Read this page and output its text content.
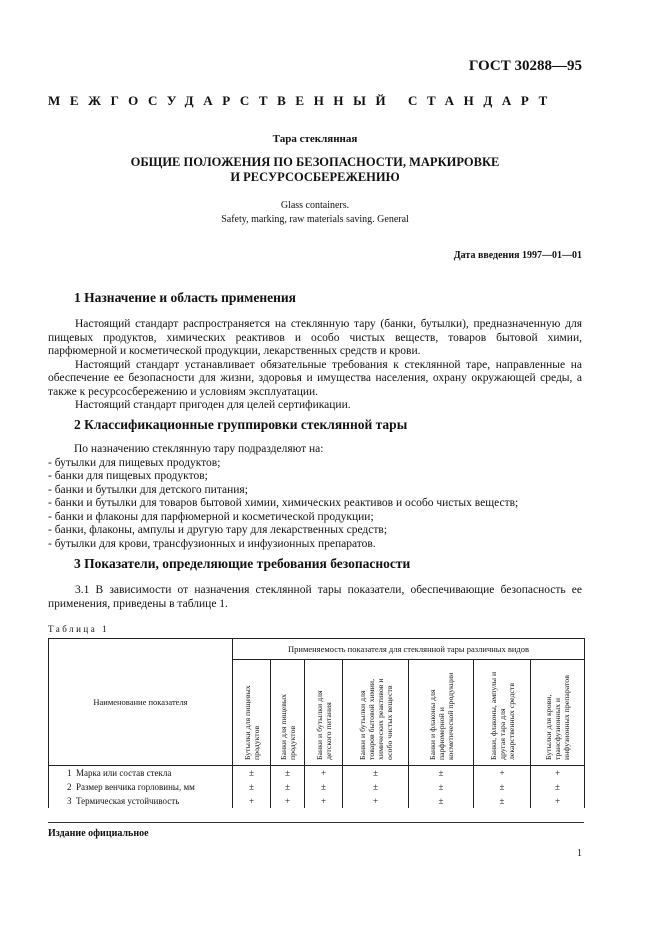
ГОСТ 30288—95
МЕЖГОСУДАРСТВЕННЫЙ СТАНДАРТ
Тара стеклянная
ОБЩИЕ ПОЛОЖЕНИЯ ПО БЕЗОПАСНОСТИ, МАРКИРОВКЕ
И РЕСУРСОСБЕРЕЖЕНИЮ
Glass containers.
Safety, marking, raw materials saving. General
Дата введения 1997—01—01
1 Назначение и область применения

Настоящий стандарт распространяется на стеклянную тару (банки, бутылки), предназначенную для пищевых продуктов, химических реактивов и особо чистых веществ, товаров бытовой химии, парфюмерной и косметической продукции, лекарственных средств и крови.

Настоящий стандарт устанавливает обязательные требования к стеклянной таре, направленные на обеспечение ее безопасности для жизни, здоровья и имущества населения, охрану окружающей среды, а также к ресурсосбережению и условиям эксплуатации.

Настоящий стандарт пригоден для целей сертификации.

2 Классификационные группировки стеклянной тары
По назначению стеклянную тару подразделяют на:
- бутылки для пищевых продуктов;
- банки для пищевых продуктов;
- банки и бутылки для детского питания;
- банки и бутылки для товаров бытовой химии, химических реактивов и особо чистых веществ;
- банки и флаконы для парфюмерной и косметической продукции;
- банки, флаконы, ампулы и другую тару для лекарственных средств;
- бутылки для крови, трансфузионных и инфузионных препаратов.
3 Показатели, определяющие требования безопасности

3.1 В зависимости от назначения стеклянной тары показатели, обеспечивающие безопасность ее применения, приведены в таблице 1.

Таблица 1
Наименование показателя	Применяемость показателя для стеклянной тары различных видов						

	Бутылки для пищевых продуктов	Банки для пищевых продуктов	Банки и бутылки для детского питания	Банки и бутылки для товаров бытовой химии, химических реактивов и особо чистых веществ	Банки и флаконы для парфюмерной и косметической продукции	Банки, флаконы, ампулы и другая тара для лекарственных средств	Бутылки для крови, трансфузионных и инфузионных препаратов

1 Марка или состав стекла	±	±	+	±	±	+	+
2 Размер венчика горловины, мм	±	±	±	±	±	±	±
3 Термическая устойчивость	+	+	+	+	±	±	+
Издание официальное
1
